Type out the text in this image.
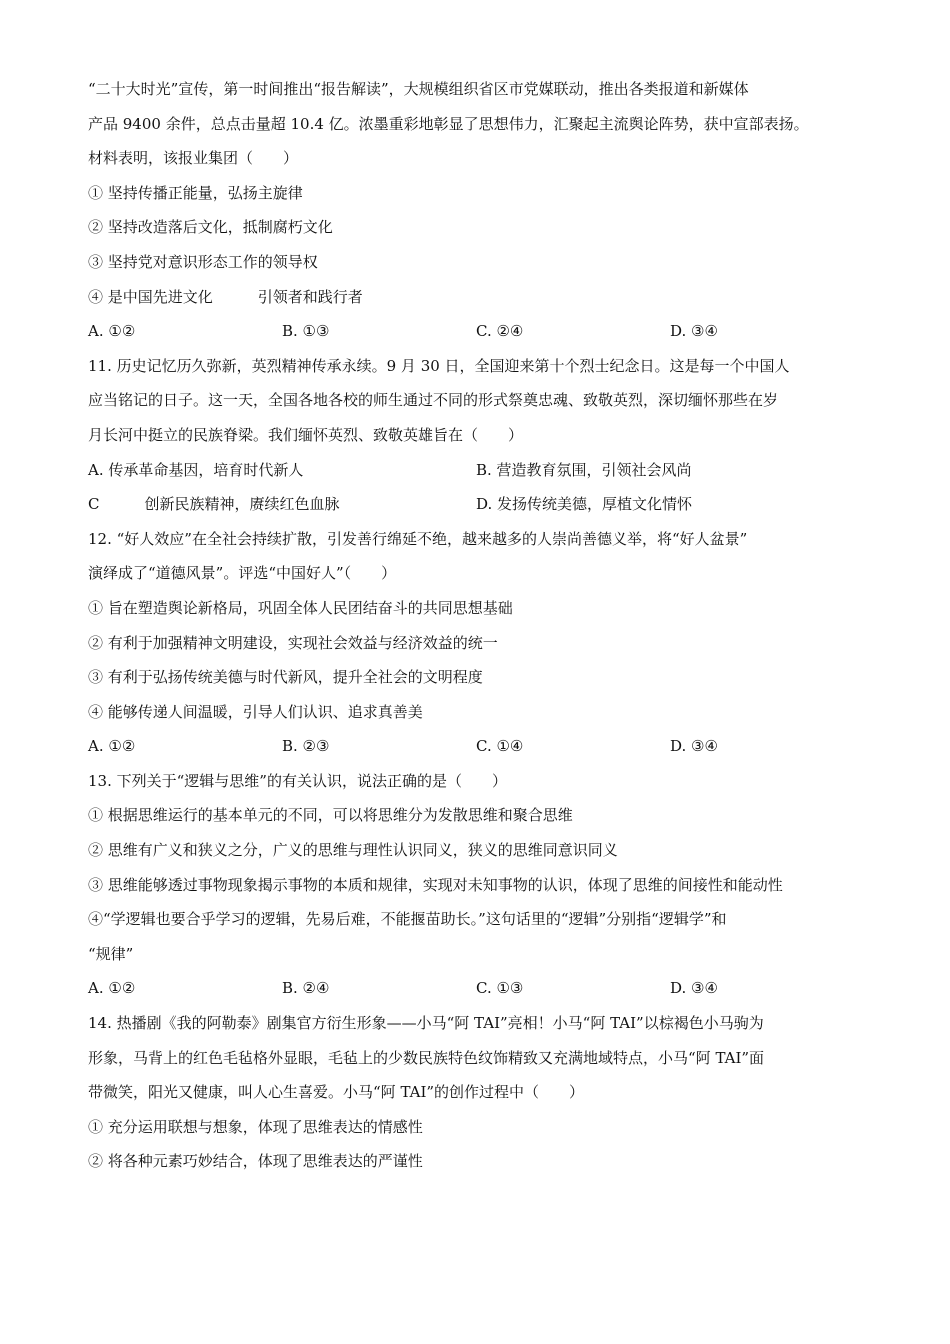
“二十大时光”宣传，第一时间推出“报告解读”，大规模组织省区市党媒联动，推出各类报道和新媒体
产品 9400 余件，总点击量超 10.4 亿。浓墨重彩地彰显了思想伟力，汇聚起主流舆论阵势，获中宣部表扬。
材料表明，该报业集团（　　）
① 坚持传播正能量，弘扬主旋律
② 坚持改造落后文化，抵制腐朽文化
③ 坚持党对意识形态工作的领导权
④ 是中国先进文化　　　引领者和践行者
A. ①②	B. ①③	C. ②④	D. ③④
11. 历史记忆历久弥新，英烈精神传承永续。9 月 30 日，全国迎来第十个烈士纪念日。这是每一个中国人
应当铭记的日子。这一天，全国各地各校的师生通过不同的形式祭奠忠魂、致敬英烈，深切缅怀那些在岁
月长河中挺立的民族脊梁。我们缅怀英烈、致敬英雄旨在（　　）
A. 传承革命基因，培育时代新人	B. 营造教育氛围，引领社会风尚
C　　　创新民族精神，赓续红色血脉	D. 发扬传统美德，厚植文化情怀
12. “好人效应”在全社会持续扩散，引发善行绵延不绝，越来越多的人崇尚善德义举，将“好人盆景”
演绎成了“道德风景”。评选“中国好人”（　　）
① 旨在塑造舆论新格局，巩固全体人民团结奋斗的共同思想基础
② 有利于加强精神文明建设，实现社会效益与经济效益的统一
③ 有利于弘扬传统美德与时代新风，提升全社会的文明程度
④ 能够传递人间温暖，引导人们认识、追求真善美
A. ①②	B. ②③	C. ①④	D. ③④
13. 下列关于“逻辑与思维”的有关认识，说法正确的是（　　）
① 根据思维运行的基本单元的不同，可以将思维分为发散思维和聚合思维
② 思维有广义和狭义之分，广义的思维与理性认识同义，狭义的思维同意识同义
③ 思维能够透过事物现象揭示事物的本质和规律，实现对未知事物的认识，体现了思维的间接性和能动性
④“学逻辑也要合乎学习的逻辑，先易后难，不能揠苗助长。”这句话里的“逻辑”分别指“逻辑学”和
“规律”
A. ①②	B. ②④	C. ①③	D. ③④
14. 热播剧《我的阿勒泰》剧集官方衍生形象——小马“阿 TAI”亮相！小马“阿 TAI”以棕褐色小马驹为
形象，马背上的红色毛毡格外显眼，毛毡上的少数民族特色纹饰精致又充满地域特点，小马“阿 TAI”面
带微笑，阳光又健康，叫人心生喜爱。小马“阿 TAI”的创作过程中（　　）
① 充分运用联想与想象，体现了思维表达的情感性
② 将各种元素巧妙结合，体现了思维表达的严谨性
